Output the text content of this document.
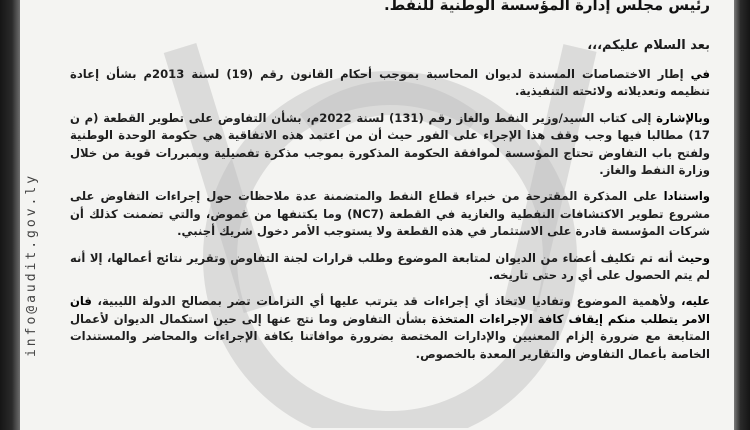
info@audit.gov.ly
رئيس مجلس إدارة المؤسسة الوطنية للنفط.
بعد السلام عليكم،،،

في إطار الاختصاصات المسندة لديوان المحاسبة بموجب أحكام القانون رقم (19) لسنة 2013م بشأن إعادة تنظيمه وتعديلاته ولائحته التنفيذية.

وبالإشارة إلى كتاب السيد/وزير النفط والغاز رقم (131) لسنة 2022م، بشأن التفاوض على تطوير القطعة (م ن 17) مطالبا فيها وجب وقف هذا الإجراء على الفور حيث أن من اعتمد هذه الاتفاقية هي حكومة الوحدة الوطنية ولفتح باب التفاوض تحتاج المؤسسة لموافقة الحكومة المذكورة بموجب مذكرة تفصيلية وبمبررات قوية من خلال وزارة النفط والغاز.

واستنادا على المذكرة المقترحة من خبراء قطاع النفط والمتضمنة عدة ملاحظات حول إجراءات التفاوض على مشروع تطوير الاكتشافات النفطية والغازية في القطعة (NC7) وما يكتنفها من غموض، والتي تضمنت كذلك أن شركات المؤسسة قادرة على الاستثمار في هذه القطعة ولا يستوجب الأمر دخول شريك أجنبي.

وحيث أنه تم تكليف أعضاء من الديوان لمتابعة الموضوع وطلب قرارات لجنة التفاوض وتقرير نتائج أعمالها، إلا أنه لم يتم الحصول على أي رد حتى تاريخه.

عليه، ولأهمية الموضوع وتفاديا لاتخاذ أي إجراءات قد يترتب عليها أي التزامات تضر بمصالح الدولة الليبية، فان الامر يتطلب منكم إيقاف كافة الإجراءات المتخذة بشأن التفاوض وما نتج عنها إلى حين استكمال الديوان لأعمال المتابعة مع ضرورة إلزام المعنيين والإدارات المختصة بضرورة موافاتنا بكافة الإجراءات والمحاضر والمستندات الخاصة بأعمال التفاوض والتقارير المعدة بالخصوص.
